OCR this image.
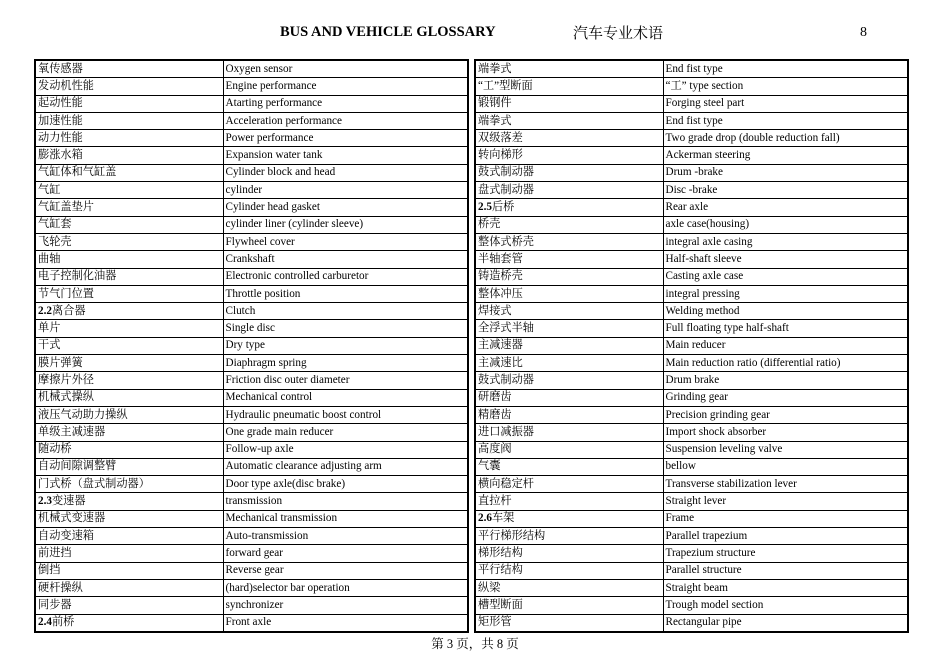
BUS AND VEHICLE GLOSSARY	汽车专业术语	8
氧传感器	Oxygen sensor
发动机性能	Engine performance
起动性能	Atarting performance
加速性能	Acceleration performance
动力性能	Power performance
膨涨水箱	Expansion water tank
气缸体和气缸盖	Cylinder block and head
气缸	cylinder
气缸盖垫片	Cylinder head gasket
气缸套	cylinder liner (cylinder sleeve)
飞轮壳	Flywheel cover
曲轴	Crankshaft
电子控制化油器	Electronic controlled carburetor
节气门位置	Throttle position
2.2离合器	Clutch
单片	Single disc
干式	Dry type
膜片弹簧	Diaphragm spring
摩擦片外径	Friction disc outer diameter
机械式操纵	Mechanical control
液压气动助力操纵	Hydraulic pneumatic boost control
单级主减速器	One grade main reducer
随动桥	Follow-up axle
自动间隙调整臂	Automatic clearance adjusting arm
门式桥（盘式制动器）	Door type axle(disc brake)
2.3变速器	transmission
机械式变速器	Mechanical transmission
自动变速箱	Auto-transmission
前进挡	forward gear
倒挡	Reverse gear
硬杆操纵	(hard)selector bar operation
同步器	synchronizer
2.4前桥	Front axle
端拳式	End fist type
“工”型断面	“工” type section
锻钢件	Forging steel part
端拳式	End fist type
双级落差	Two grade drop (double reduction fall)
转向梯形	Ackerman steering
鼓式制动器	Drum -brake
盘式制动器	Disc -brake
2.5后桥	Rear axle
桥壳	axle case(housing)
整体式桥壳	integral axle casing
半轴套管	Half-shaft sleeve
铸造桥壳	Casting axle case
整体冲压	integral pressing
焊接式	Welding method
全浮式半轴	Full floating type half-shaft
主减速器	Main reducer
主减速比	Main reduction ratio (differential ratio)
鼓式制动器	Drum brake
研磨齿	Grinding gear
精磨齿	Precision grinding gear
进口减振器	Import shock absorber
高度阀	Suspension leveling valve
气囊	bellow
横向稳定杆	Transverse stabilization lever
直拉杆	Straight lever
2.6车架	Frame
平行梯形结构	Parallel trapezium
梯形结构	Trapezium structure
平行结构	Parallel structure
纵梁	Straight beam
槽型断面	Trough model section
矩形管	Rectangular pipe
第 3 页，共 8 页
